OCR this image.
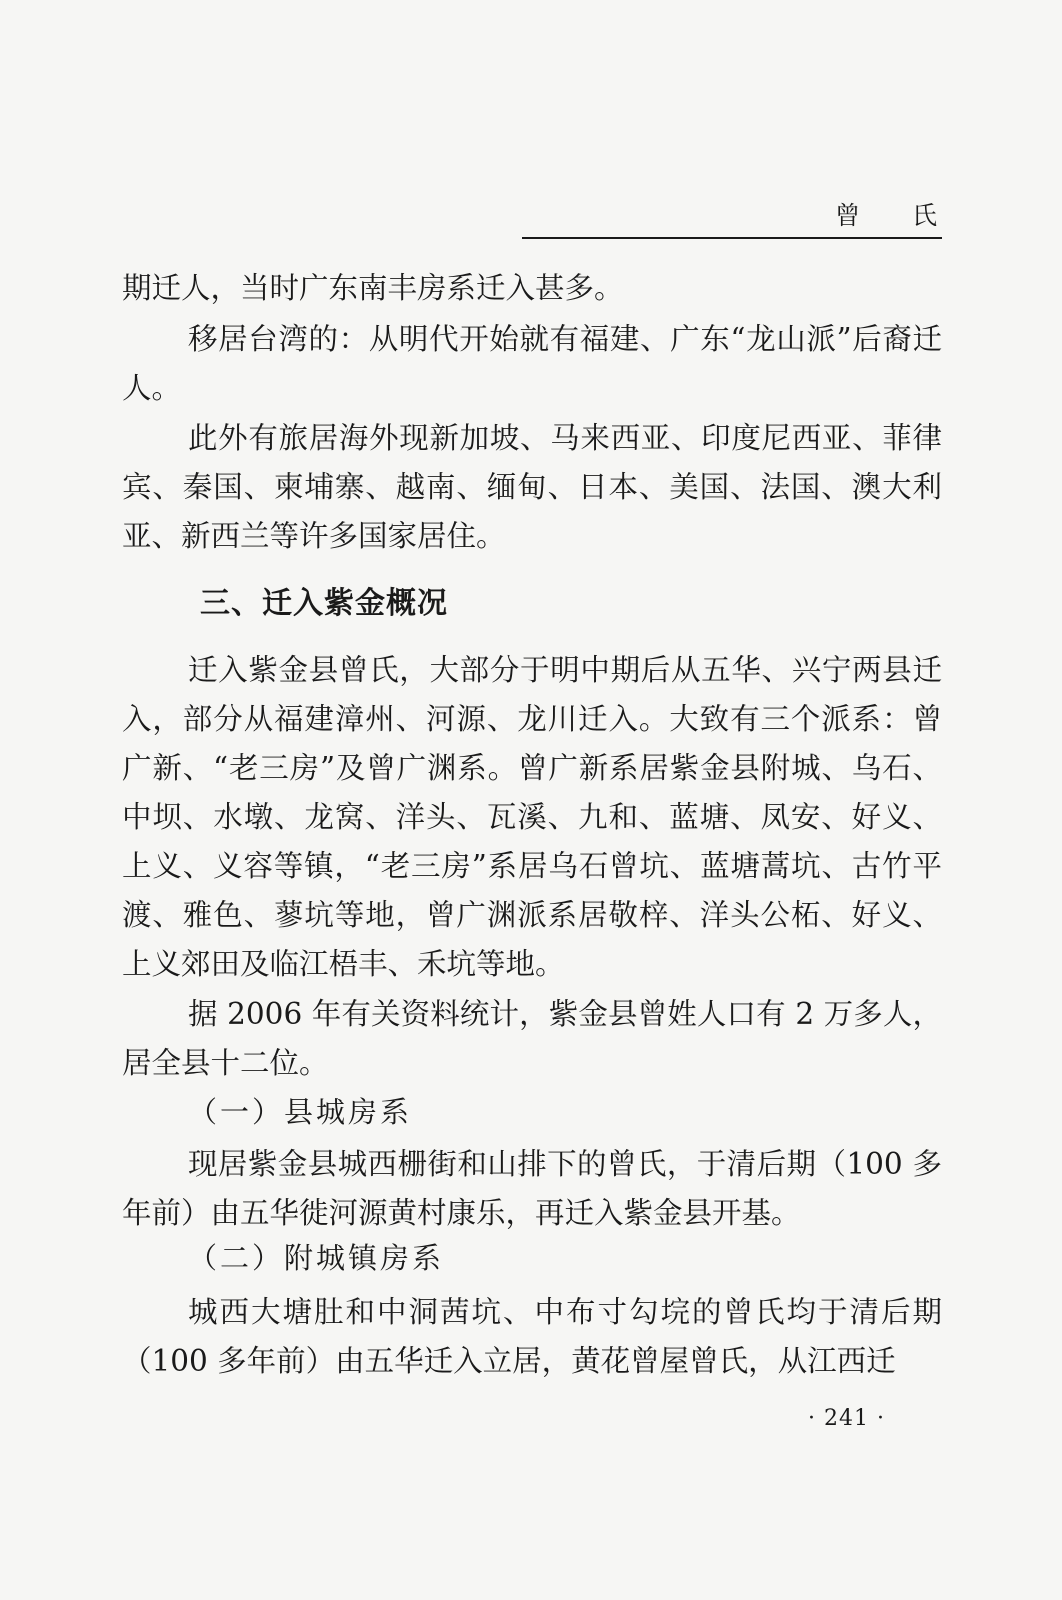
曾 氏

期迁人，当时广东南丰房系迁入甚多。

移居台湾的：从明代开始就有福建、广东“龙山派”后裔迁人。

此外有旅居海外现新加坡、马来西亚、印度尼西亚、菲律宾、秦国、柬埔寨、越南、缅甸、日本、美国、法国、澳大利亚、新西兰等许多国家居住。

三、迁入紫金概况

迁入紫金县曾氏，大部分于明中期后从五华、兴宁两县迁入，部分从福建漳州、河源、龙川迁入。大致有三个派系：曾广新、“老三房”及曾广渊系。曾广新系居紫金县附城、乌石、中坝、水墩、龙窝、洋头、瓦溪、九和、蓝塘、凤安、好义、上义、义容等镇，“老三房”系居乌石曾坑、蓝塘蒿坑、古竹平渡、雅色、蓼坑等地，曾广渊派系居敬梓、洋头公柘、好义、上义郊田及临江梧丰、禾坑等地。

据 2006 年有关资料统计，紫金县曾姓人口有 2 万多人，居全县十二位。

（一）县城房系

现居紫金县城西栅街和山排下的曾氏，于清后期（100 多年前）由五华徙河源黄村康乐，再迁入紫金县开基。

（二）附城镇房系

城西大塘肚和中洞茜坑、中布寸勾垸的曾氏均于清后期（100 多年前）由五华迁入立居，黄花曾屋曾氏，从江西迁

· 241 ·
